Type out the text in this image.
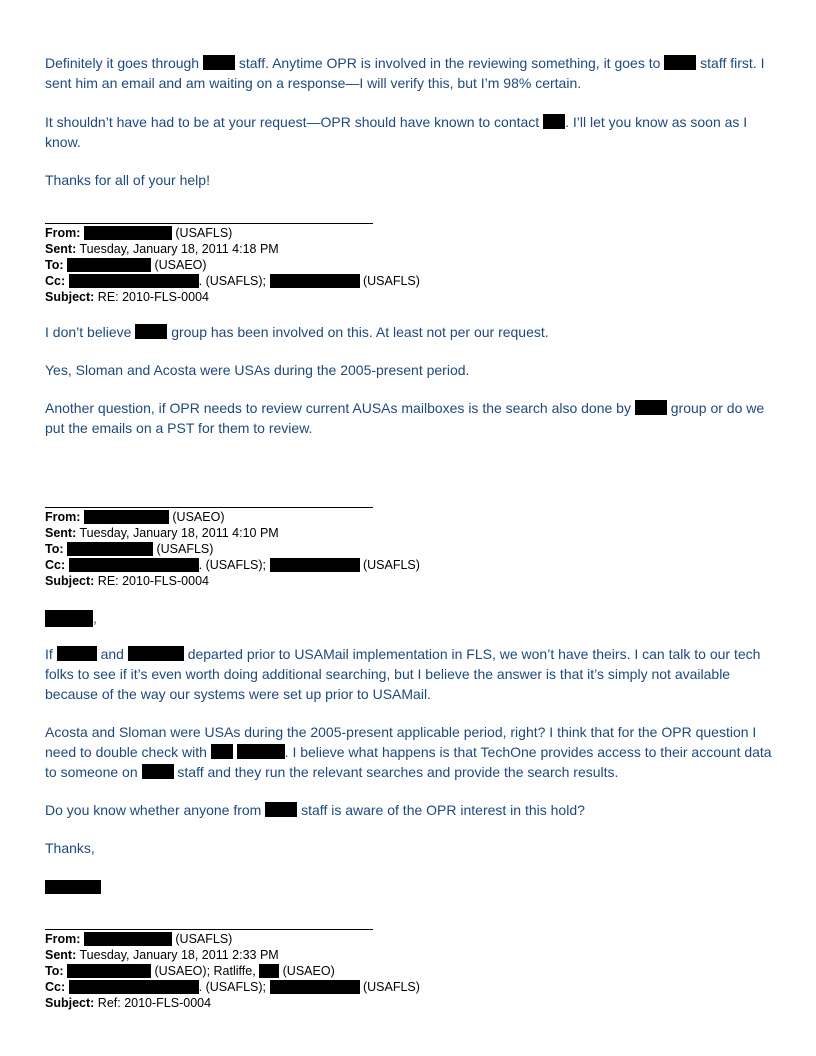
Definitely it goes through	staff. Anytime OPR is involved in the reviewing something, it goes to	staff first. I sent him an email and am waiting on a response—I will verify this, but I’m 98% certain.

It shouldn’t have had to be at your request—OPR should have known to contact . I’ll let you know as soon as I know.

Thanks for all of your help!

From:	(USAFLS)
Sent: Tuesday, January 18, 2011 4:18 PM
To:	(USAEO)
Cc:	. (USAFLS);	(USAFLS)
Subject: RE: 2010-FLS-0004

I don’t believe	group has been involved on this. At least not per our request.

Yes, Sloman and Acosta were USAs during the 2005-present period.

Another question, if OPR needs to review current AUSAs mailboxes is the search also done by	group or do we put the emails on a PST for them to review.

From:	(USAEO)
Sent: Tuesday, January 18, 2011 4:10 PM
To:	(USAFLS)
Cc:	. (USAFLS);	(USAFLS)
Subject: RE: 2010-FLS-0004

,

If	and	departed prior to USAMail implementation in FLS, we won’t have theirs. I can talk to our tech folks to see if it’s even worth doing additional searching, but I believe the answer is that it’s simply not available because of the way our systems were set up prior to USAMail.

Acosta and Sloman were USAs during the 2005-present applicable period, right? I think that for the OPR question I need to double check with	. I believe what happens is that TechOne provides access to their account data to someone on	staff and they run the relevant searches and provide the search results.

Do you know whether anyone from	staff is aware of the OPR interest in this hold?

Thanks,

From:	(USAFLS)
Sent: Tuesday, January 18, 2011 2:33 PM
To:	(USAEO); Ratliffe, (USAEO)
Cc:	. (USAFLS);	(USAFLS)
Subject: Ref: 2010-FLS-0004
